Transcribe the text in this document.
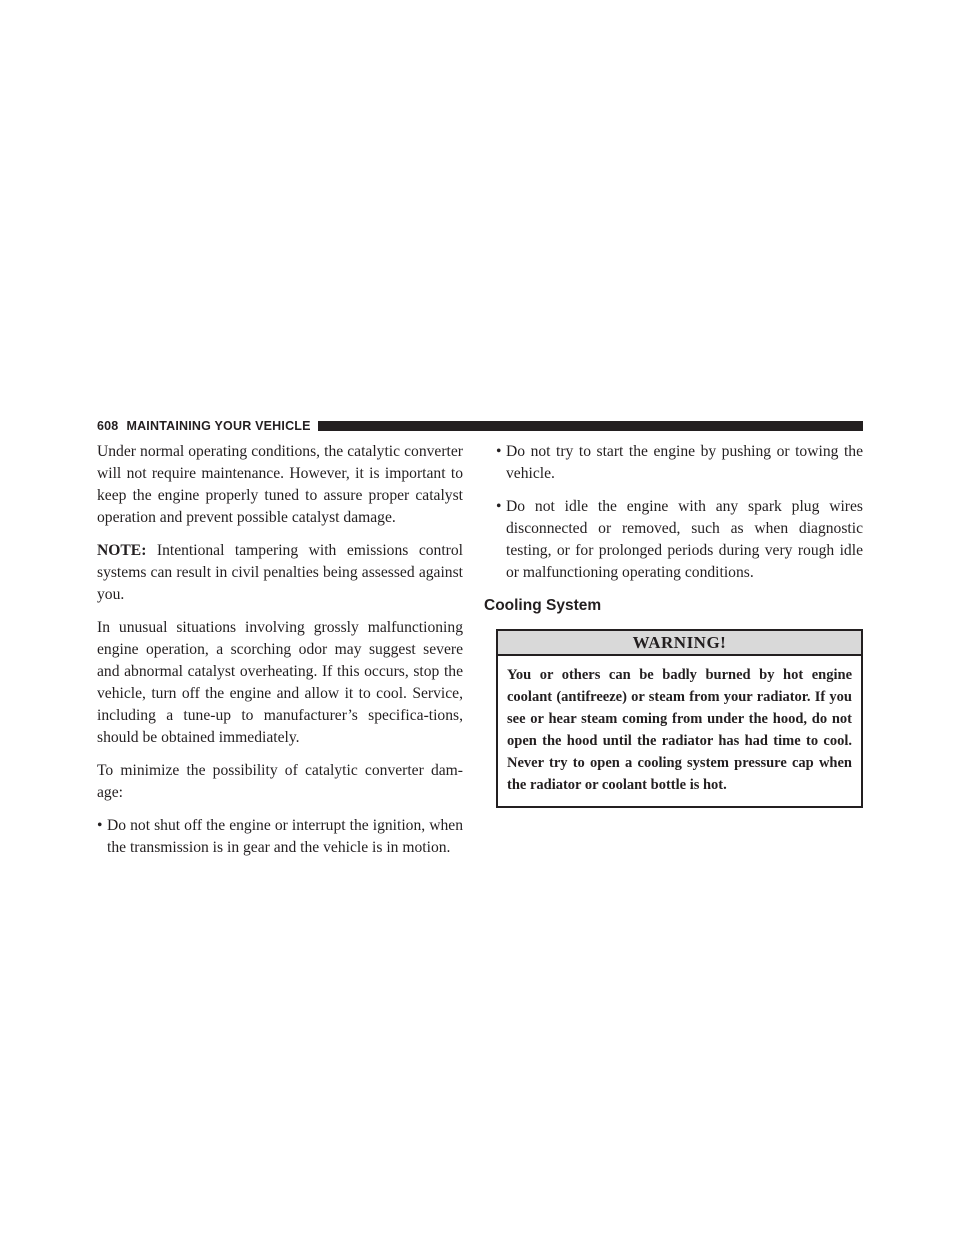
608 MAINTAINING YOUR VEHICLE

Under normal operating conditions, the catalytic converter will not require maintenance. However, it is important to keep the engine properly tuned to assure proper catalyst operation and prevent possible catalyst damage.

NOTE: Intentional tampering with emissions control systems can result in civil penalties being assessed against you.

In unusual situations involving grossly malfunctioning engine operation, a scorching odor may suggest severe and abnormal catalyst overheating. If this occurs, stop the vehicle, turn off the engine and allow it to cool. Service, including a tune-up to manufacturer’s specifica-tions, should be obtained immediately.

To minimize the possibility of catalytic converter dam-age:

• Do not shut off the engine or interrupt the ignition, when the transmission is in gear and the vehicle is in motion.
• Do not try to start the engine by pushing or towing the vehicle.
• Do not idle the engine with any spark plug wires disconnected or removed, such as when diagnostic testing, or for prolonged periods during very rough idle or malfunctioning operating conditions.
Cooling System
WARNING!
You or others can be badly burned by hot engine coolant (antifreeze) or steam from your radiator. If you see or hear steam coming from under the hood, do not open the hood until the radiator has had time to cool. Never try to open a cooling system pressure cap when the radiator or coolant bottle is hot.
